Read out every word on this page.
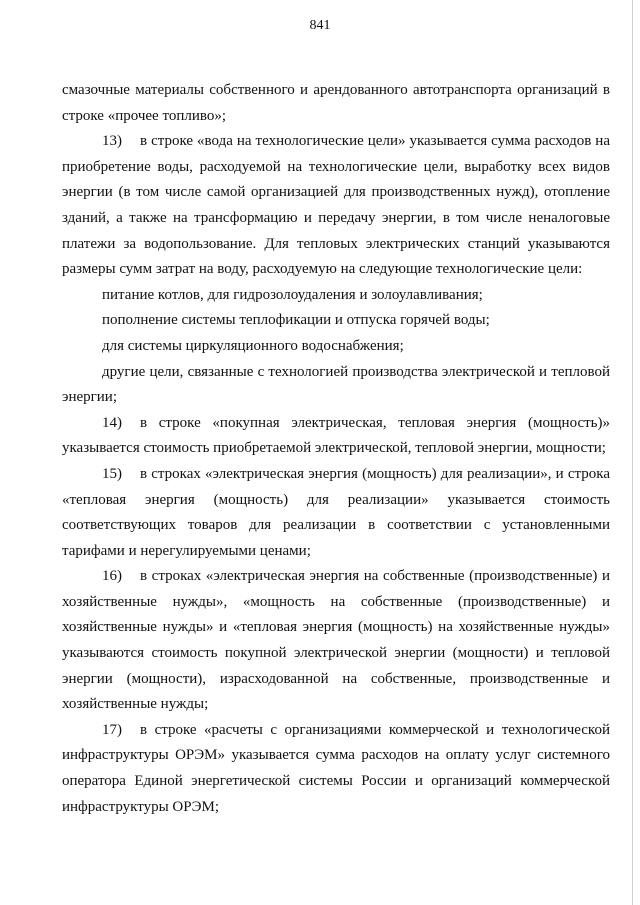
841

смазочные материалы собственного и арендованного автотранспорта организаций в строке «прочее топливо»;

13) в строке «вода на технологические цели» указывается сумма расходов на приобретение воды, расходуемой на технологические цели, выработку всех видов энергии (в том числе самой организацией для производственных нужд), отопление зданий, а также на трансформацию и передачу энергии, в том числе неналоговые платежи за водопользование. Для тепловых электрических станций указываются размеры сумм затрат на воду, расходуемую на следующие технологические цели:

питание котлов, для гидрозолоудаления и золоулавливания;

пополнение системы теплофикации и отпуска горячей воды;

для системы циркуляционного водоснабжения;

другие цели, связанные с технологией производства электрической и тепловой энергии;

14) в строке «покупная электрическая, тепловая энергия (мощность)» указывается стоимость приобретаемой электрической, тепловой энергии, мощности;

15) в строках «электрическая энергия (мощность) для реализации», и строка «тепловая энергия (мощность) для реализации» указывается стоимость соответствующих товаров для реализации в соответствии с установленными тарифами и нерегулируемыми ценами;

16) в строках «электрическая энергия на собственные (производственные) и хозяйственные нужды», «мощность на собственные (производственные) и хозяйственные нужды» и «тепловая энергия (мощность) на хозяйственные нужды» указываются стоимость покупной электрической энергии (мощности) и тепловой энергии (мощности), израсходованной на собственные, производственные и хозяйственные нужды;

17) в строке «расчеты с организациями коммерческой и технологической инфраструктуры ОРЭМ» указывается сумма расходов на оплату услуг системного оператора Единой энергетической системы России и организаций коммерческой инфраструктуры ОРЭМ;
